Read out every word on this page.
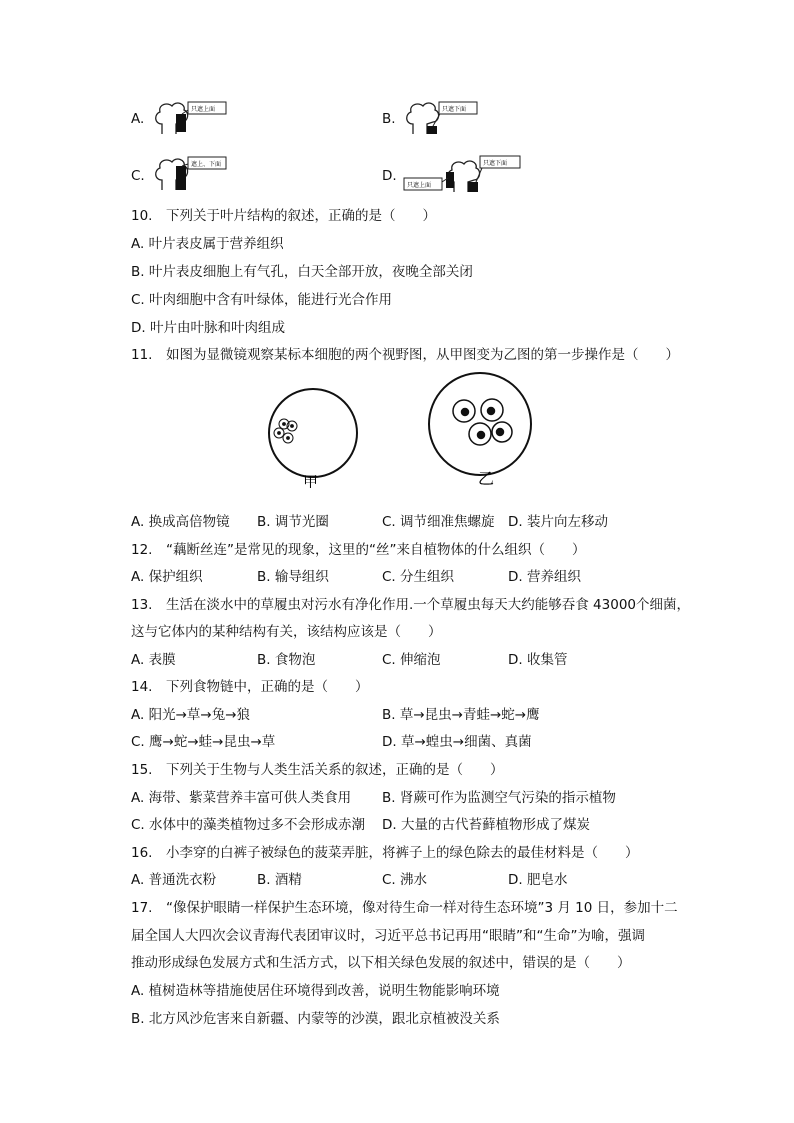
A.
只遮上面
B.
只遮下面
C.
遮上、下面
D.
只遮上面
只遮下面
10.　下列关于叶片结构的叙述，正确的是（　　）
A. 叶片表皮属于营养组织
B. 叶片表皮细胞上有气孔，白天全部开放，夜晚全部关闭
C. 叶肉细胞中含有叶绿体，能进行光合作用
D. 叶片由叶脉和叶肉组成
11.　如图为显微镜观察某标本细胞的两个视野图，从甲图变为乙图的第一步操作是（　　）
甲	乙
A. 换成高倍物镜 B. 调节光圈	C. 调节细准焦螺旋 D. 装片向左移动
12.　“藕断丝连”是常见的现象，这里的“丝”来自植物体的什么组织（　　）
A. 保护组织	B. 输导组织	C. 分生组织	D. 营养组织
13.　生活在淡水中的草履虫对污水有净化作用.一个草履虫每天大约能够吞食 43000个细菌，
这与它体内的某种结构有关，该结构应该是（　　）
A. 表膜	B. 食物泡	C. 伸缩泡	D. 收集管
14.　下列食物链中，正确的是（　　）
A. 阳光→草→兔→狼	B. 草→昆虫→青蛙→蛇→鹰
C. 鹰→蛇→蛙→昆虫→草	D. 草→蝗虫→细菌、真菌
15.　下列关于生物与人类生活关系的叙述，正确的是（　　）
A. 海带、紫菜营养丰富可供人类食用 B. 肾蕨可作为监测空气污染的指示植物
C. 水体中的藻类植物过多不会形成赤潮 D. 大量的古代苔藓植物形成了煤炭
16.　小李穿的白裤子被绿色的菠菜弄脏，将裤子上的绿色除去的最佳材料是（　　）
A. 普通洗衣粉	B. 酒精	C. 沸水	D. 肥皂水
17.　“像保护眼睛一样保护生态环境，像对待生命一样对待生态环境”3 月 10 日，参加十二
届全国人大四次会议青海代表团审议时，习近平总书记再用“眼睛”和“生命”为喻，强调
推动形成绿色发展方式和生活方式，以下相关绿色发展的叙述中，错误的是（　　）
A. 植树造林等措施使居住环境得到改善，说明生物能影响环境
B. 北方风沙危害来自新疆、内蒙等的沙漠，跟北京植被没关系
